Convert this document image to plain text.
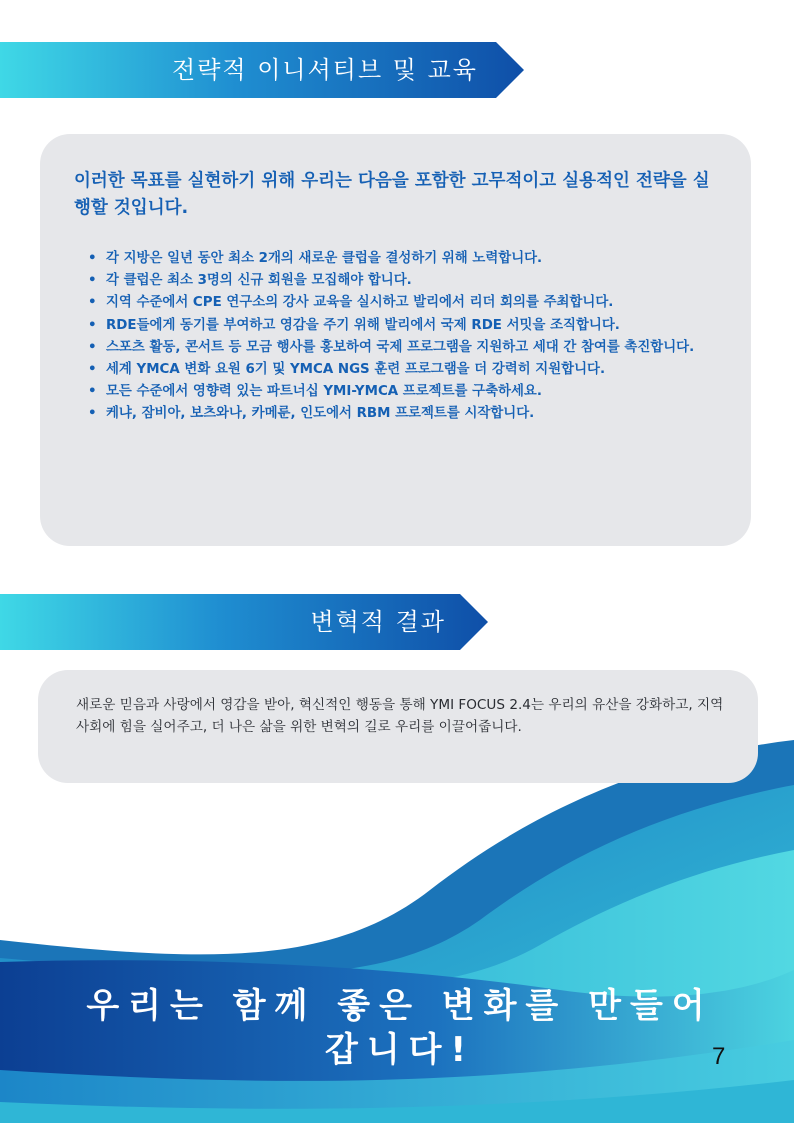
전략적 이니셔티브 및 교육

이러한 목표를 실현하기 위해 우리는 다음을 포함한 고무적이고 실용적인 전략을 실행할 것입니다.

• 각 지방은 일년 동안 최소 2개의 새로운 클럽을 결성하기 위해 노력합니다.
• 각 클럽은 최소 3명의 신규 회원을 모집해야 합니다.
• 지역 수준에서 CPE 연구소의 강사 교육을 실시하고 발리에서 리더 회의를 주최합니다.
• RDE들에게 동기를 부여하고 영감을 주기 위해 발리에서 국제 RDE 서밋을 조직합니다.
• 스포츠 활동, 콘서트 등 모금 행사를 홍보하여 국제 프로그램을 지원하고 세대 간 참여를 촉진합니다.
• 세계 YMCA 변화 요원 6기 및 YMCA NGS 훈련 프로그램을 더 강력히 지원합니다.
• 모든 수준에서 영향력 있는 파트너십 YMI-YMCA 프로젝트를 구축하세요.
• 케냐, 잠비아, 보츠와나, 카메룬, 인도에서 RBM 프로젝트를 시작합니다.
변혁적 결과

새로운 믿음과 사랑에서 영감을 받아, 혁신적인 행동을 통해 YMI FOCUS 2.4는 우리의 유산을 강화하고, 지역 사회에 힘을 실어주고, 더 나은 삶을 위한 변혁의 길로 우리를 이끌어줍니다.

우리는 함께 좋은 변화를 만들어 갑니다!	7
